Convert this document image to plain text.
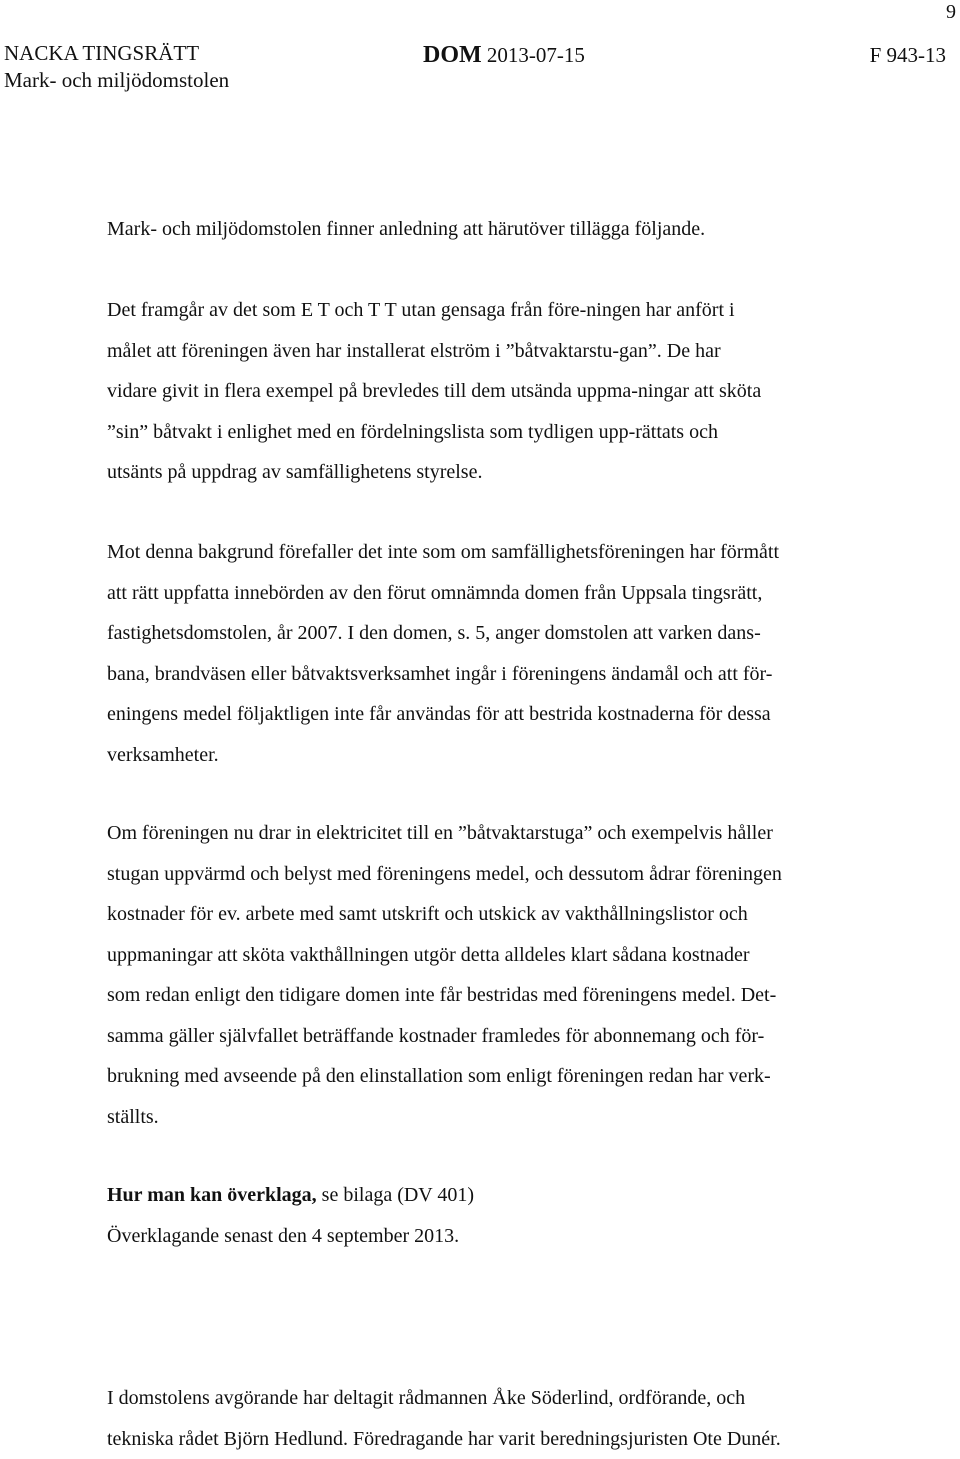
9
NACKA TINGSRÄTT
Mark- och miljödomstolen
DOM 2013-07-15	F 943-13

Mark- och miljödomstolen finner anledning att härutöver tillägga följande.

Det framgår av det som E T och T T utan gensaga från före-ningen har anfört i
målet att föreningen även har installerat elström i ”båtvaktarstu-gan”. De har
vidare givit in flera exempel på brevledes till dem utsända uppma-ningar att sköta
”sin” båtvakt i enlighet med en fördelningslista som tydligen upp-rättats och
utsänts på uppdrag av samfällighetens styrelse.

Mot denna bakgrund förefaller det inte som om samfällighetsföreningen har förmått
att rätt uppfatta innebörden av den förut omnämnda domen från Uppsala tingsrätt,
fastighetsdomstolen, år 2007. I den domen, s. 5, anger domstolen att varken dans-
bana, brandväsen eller båtvaktsverksamhet ingår i föreningens ändamål och att för-
eningens medel följaktligen inte får användas för att bestrida kostnaderna för dessa
verksamheter.

Om föreningen nu drar in elektricitet till en ”båtvaktarstuga” och exempelvis håller
stugan uppvärmd och belyst med föreningens medel, och dessutom ådrar föreningen
kostnader för ev. arbete med samt utskrift och utskick av vakthållningslistor och
uppmaningar att sköta vakthållningen utgör detta alldeles klart sådana kostnader
som redan enligt den tidigare domen inte får bestridas med föreningens medel. Det-
samma gäller självfallet beträffande kostnader framledes för abonnemang och för-
brukning med avseende på den elinstallation som enligt föreningen redan har verk-
ställts.

Hur man kan överklaga, se bilaga (DV 401)
Överklagande senast den 4 september 2013.

I domstolens avgörande har deltagit rådmannen Åke Söderlind, ordförande, och
tekniska rådet Björn Hedlund. Föredragande har varit beredningsjuristen Ote Dunér.
